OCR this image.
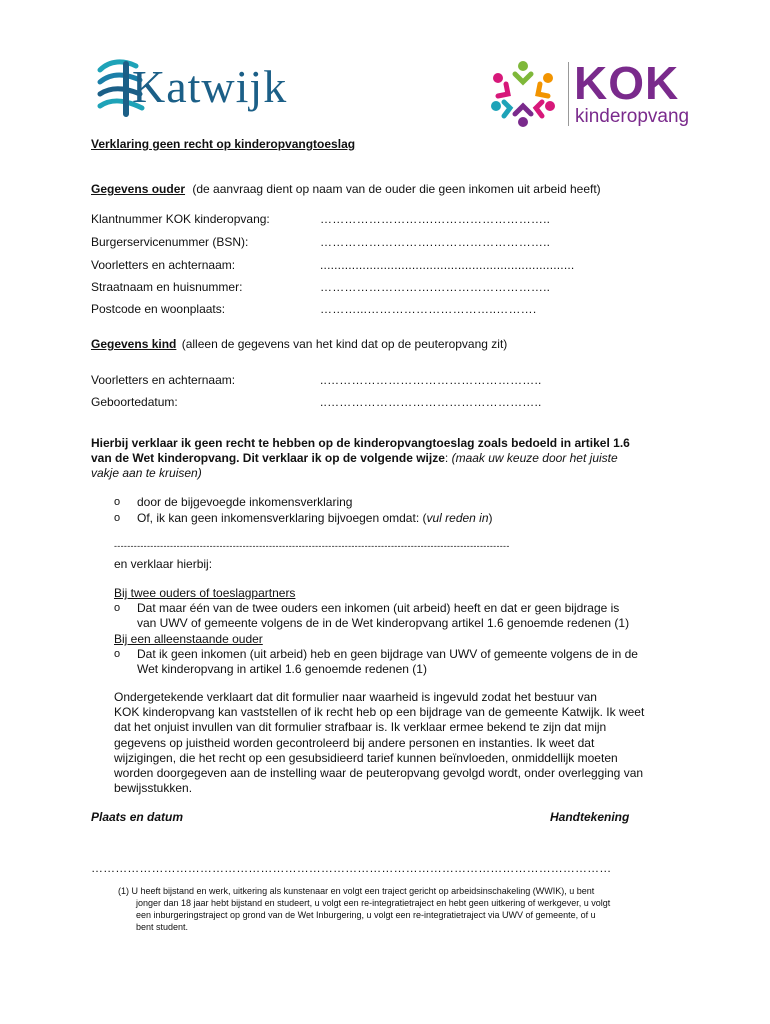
Katwijk	KOK
kinderopvang
Verklaring geen recht op kinderopvangtoeslag
Gegevens ouder (de aanvraag dient op naam van de ouder die geen inkomen uit arbeid heeft)
Klantnummer KOK kinderopvang:	……………………….………………………..
Burgerservicenummer (BSN):	……………………….………………………..
Voorletters en achternaam:	........................................................................
Straatnaam en huisnummer:	……………………….………………………..
Postcode en woonplaats:	………...…………………………..……….
Gegevens kind (alleen de gegevens van het kind dat op de peuteropvang zit)
Voorletters en achternaam:	..……………………………………………..
Geboortedatum:	..……………………………………………..

Hierbij verklaar ik geen recht te hebben op de kinderopvangtoeslag zoals bedoeld in artikel 1.6

van de Wet kinderopvang. Dit verklaar ik op de volgende wijze: (maak uw keuze door het juiste

vakje aan te kruisen)

o door de bijgevoegde inkomensverklaring
o Of, ik kan geen inkomensverklaring bijvoegen omdat: (vul reden in)
------------------------------------------------------------------------------------------------------------------------
en verklaar hierbij:
Bij twee ouders of toeslagpartners
o Dat maar één van de twee ouders een inkomen (uit arbeid) heeft en dat er geen bijdrage is

van UWV of gemeente volgens de in de Wet kinderopvang artikel 1.6 genoemde redenen (1)

Bij een alleenstaande ouder
o Dat ik geen inkomen (uit arbeid) heb en geen bijdrage van UWV of gemeente volgens de in de

Wet kinderopvang in artikel 1.6 genoemde redenen (1)

Ondergetekende verklaart dat dit formulier naar waarheid is ingevuld zodat het bestuur van

KOK kinderopvang kan vaststellen of ik recht heb op een bijdrage van de gemeente Katwijk. Ik weet

dat het onjuist invullen van dit formulier strafbaar is. Ik verklaar ermee bekend te zijn dat mijn

gegevens op juistheid worden gecontroleerd bij andere personen en instanties. Ik weet dat

wijzigingen, die het recht op een gesubsidieerd tarief kunnen beïnvloeden, onmiddellijk moeten

worden doorgegeven aan de instelling waar de peuteropvang gevolgd wordt, onder overlegging van

bewijsstukken.

Plaats en datum	Handtekening
…………………………………………………………………………………………………………………

(1) U heeft bijstand en werk, uitkering als kunstenaar en volgt een traject gericht op arbeidsinschakeling (WWIK), u bent

jonger dan 18 jaar hebt bijstand en studeert, u volgt een re-integratietraject en hebt geen uitkering of werkgever, u volgt

een inburgeringstraject op grond van de Wet Inburgering, u volgt een re-integratietraject via UWV of gemeente, of u

bent student.
